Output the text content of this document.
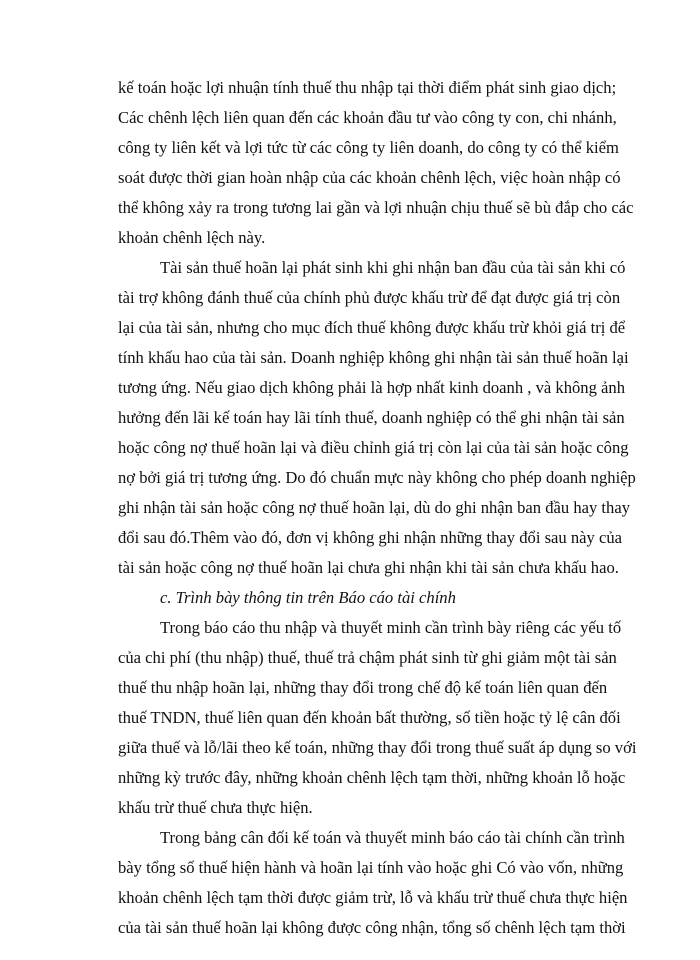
kế toán hoặc lợi nhuận tính thuế thu nhập tại thời điểm phát sinh giao dịch;
Các chênh lệch liên quan đến các khoản đầu tư vào công ty con, chi nhánh,
công ty liên kết và lợi tức từ các công ty liên doanh, do công ty có thể kiểm
soát được thời gian hoàn nhập của các khoản chênh lệch, việc hoàn nhập có
thể không xảy ra trong tương lai gần và lợi nhuận chịu thuế sẽ bù đắp cho các
khoản chênh lệch này.
Tài sản thuế hoãn lại phát sinh khi ghi nhận ban đầu của tài sản khi có
tài trợ không đánh thuế của chính phủ được khấu trừ để đạt được giá trị còn
lại của tài sản, nhưng cho mục đích thuế không được khấu trừ khỏi giá trị để
tính khấu hao của tài sản. Doanh nghiệp không ghi nhận tài sản thuế hoãn lại
tương ứng. Nếu giao dịch không phải là hợp nhất kinh doanh , và không ảnh
hưởng đến lãi kế toán hay lãi tính thuế, doanh nghiệp có thể ghi nhận tài sản
hoặc công nợ thuế hoãn lại và điều chỉnh giá trị còn lại của tài sản hoặc công
nợ bởi giá trị tương ứng. Do đó chuẩn mực này không cho phép doanh nghiệp
ghi nhận tài sản hoặc công nợ thuế hoãn lại, dù do ghi nhận ban đầu hay thay
đổi sau đó.Thêm vào đó, đơn vị không ghi nhận những thay đổi sau này của
tài sản hoặc công nợ thuế hoãn lại chưa ghi nhận khi tài sản chưa khấu hao.
c. Trình bày thông tin trên Báo cáo tài chính
Trong báo cáo thu nhập và thuyết minh cần trình bày riêng các yếu tố
của chi phí (thu nhập) thuế, thuế trả chậm phát sinh từ ghi giảm một tài sản
thuế thu nhập hoãn lại, những thay đổi trong chế độ kế toán liên quan đến
thuế TNDN, thuế liên quan đến khoản bất thường, số tiền hoặc tỷ lệ cân đối
giữa thuế và lỗ/lãi theo kế toán, những thay đổi trong thuế suất áp dụng so với
những kỳ trước đây, những khoản chênh lệch tạm thời, những khoản lỗ hoặc
khấu trừ thuế chưa thực hiện.
Trong bảng cân đối kế toán và thuyết minh báo cáo tài chính cần trình
bày tổng số thuế hiện hành và hoãn lại tính vào hoặc ghi Có vào vốn, những
khoản chênh lệch tạm thời được giảm trừ, lỗ và khấu trừ thuế chưa thực hiện
của tài sản thuế hoãn lại không được công nhận, tổng số chênh lệch tạm thời
